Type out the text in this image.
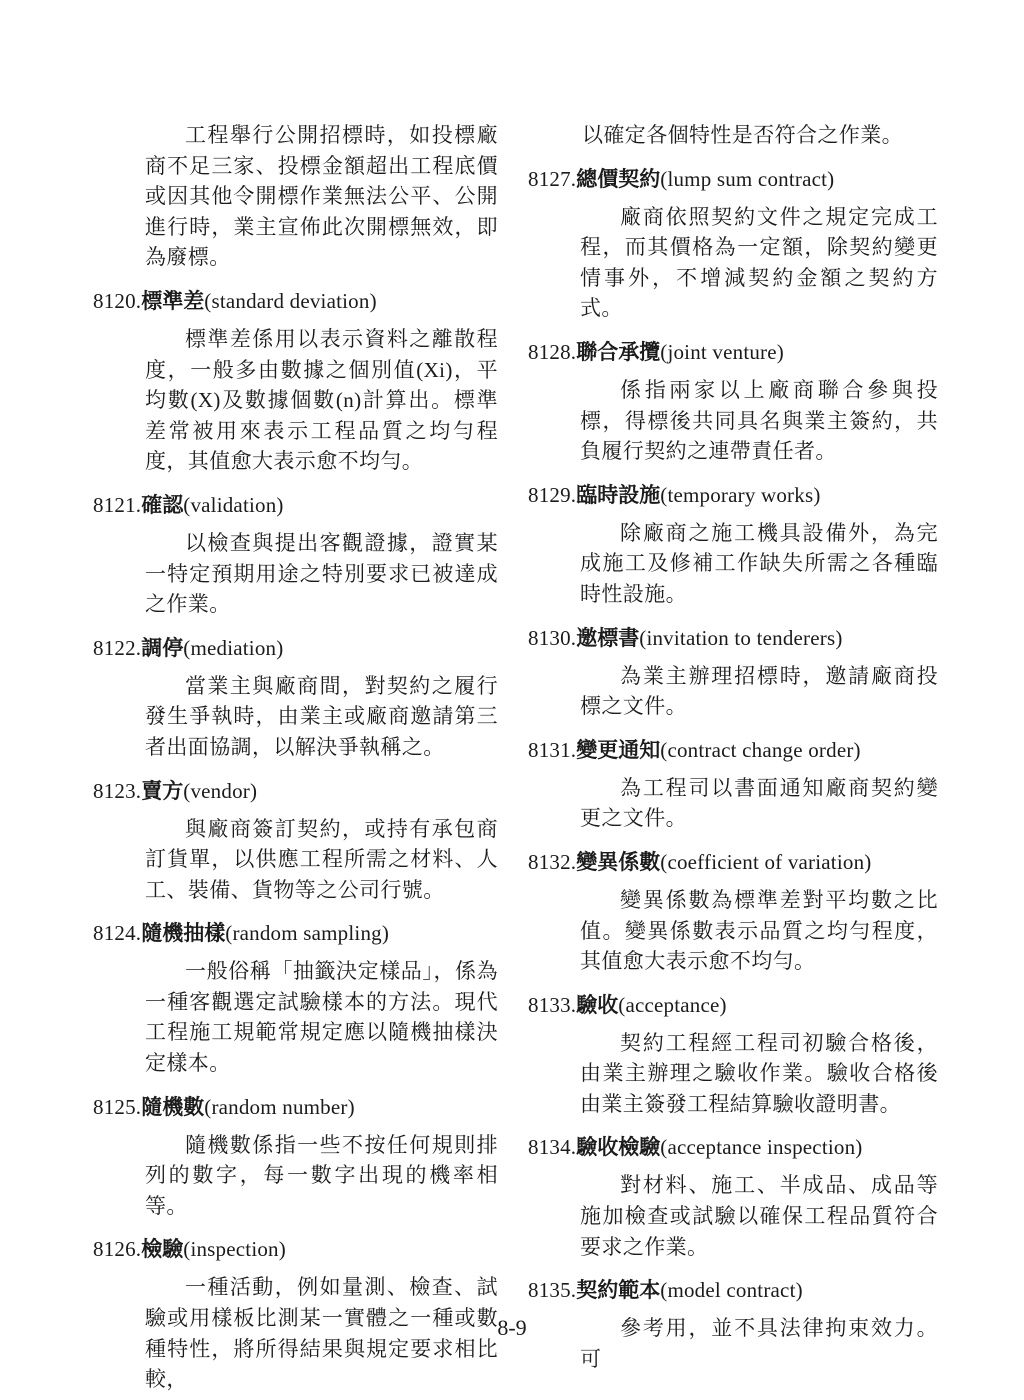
工程舉行公開招標時，如投標廠商不足三家、投標金額超出工程底價或因其他令開標作業無法公平、公開進行時，業主宣佈此次開標無效，即為廢標。

8120.標準差(standard deviation)

標準差係用以表示資料之離散程度，一般多由數據之個別值(Xi)，平均數(X)及數據個數(n)計算出。標準差常被用來表示工程品質之均勻程度，其值愈大表示愈不均勻。

8121.確認(validation)

以檢查與提出客觀證據，證實某一特定預期用途之特別要求已被達成之作業。

8122.調停(mediation)

當業主與廠商間，對契約之履行發生爭執時，由業主或廠商邀請第三者出面協調，以解決爭執稱之。

8123.賣方(vendor)

與廠商簽訂契約，或持有承包商訂貨單，以供應工程所需之材料、人工、裝備、貨物等之公司行號。

8124.隨機抽樣(random sampling)

一般俗稱「抽籤決定樣品」，係為一種客觀選定試驗樣本的方法。現代工程施工規範常規定應以隨機抽樣決定樣本。

8125.隨機數(random number)

隨機數係指一些不按任何規則排列的數字，每一數字出現的機率相等。

8126.檢驗(inspection)

一種活動，例如量測、檢查、試驗或用樣板比測某一實體之一種或數種特性，將所得結果與規定要求相比較，

以確定各個特性是否符合之作業。

8127.總價契約(lump sum contract)

廠商依照契約文件之規定完成工程，而其價格為一定額，除契約變更情事外，不增減契約金額之契約方式。

8128.聯合承攬(joint venture)

係指兩家以上廠商聯合參與投標，得標後共同具名與業主簽約，共負履行契約之連帶責任者。

8129.臨時設施(temporary works)

除廠商之施工機具設備外，為完成施工及修補工作缺失所需之各種臨時性設施。

8130.邀標書(invitation to tenderers)

為業主辦理招標時，邀請廠商投標之文件。

8131.變更通知(contract change order)

為工程司以書面通知廠商契約變更之文件。

8132.變異係數(coefficient of variation)

變異係數為標準差對平均數之比值。變異係數表示品質之均勻程度，其值愈大表示愈不均勻。

8133.驗收(acceptance)

契約工程經工程司初驗合格後，由業主辦理之驗收作業。驗收合格後由業主簽發工程結算驗收證明書。

8134.驗收檢驗(acceptance inspection)

對材料、施工、半成品、成品等施加檢查或試驗以確保工程品質符合要求之作業。

8135.契約範本(model contract)

參考用，並不具法律拘束效力。可

8-9
